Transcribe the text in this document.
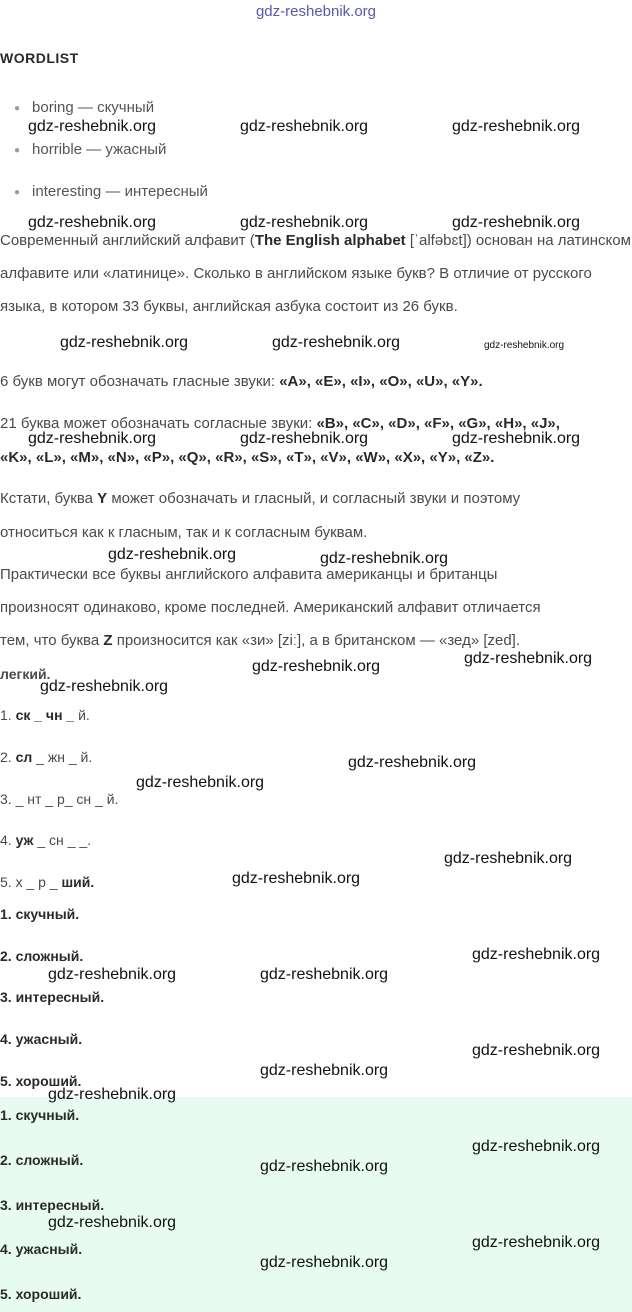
gdz-reshebnik.org
WORDLIST
● boring — скучный
● horrible — ужасный
● interesting — интересный
Современный английский алфавит (The English alphabet [ˈalfəbɛt]) основан на латинском алфавите или «латинице». Сколько в английском языке букв? В отличие от русского языка, в котором 33 буквы, английская азбука состоит из 26 букв.
6 букв могут обозначать гласные звуки: «A», «E», «I», «O», «U», «Y».
21 буква может обозначать согласные звуки: «B», «C», «D», «F», «G», «H», «J»,
«K», «L», «M», «N», «P», «Q», «R», «S», «T», «V», «W», «X», «Y», «Z».
Кстати, буква Y может обозначать и гласный, и согласный звуки и поэтому
относиться как к гласным, так и к согласным буквам.
Практически все буквы английского алфавита американцы и британцы
произносят одинаково, кроме последней. Американский алфавит отличается
тем, что буква Z произносится как «зи» [ziː], а в британском — «зед» [zed].
легкий.
1. ск _ чн _ й.
2. сл _ жн _ й.
3. _ нт _ р_ сн _ й.
4. уж _ сн _ _.
5. х _ р _ ший.
1. скучный.
2. сложный.
3. интересный.
4. ужасный.
5. хороший.
1. скучный.
2. сложный.
3. интересный.
4. ужасный.
5. хороший.
gdz-reshebnik.org	gdz-reshebnik.org	gdz-reshebnik.org
gdz-reshebnik.org	gdz-reshebnik.org	gdz-reshebnik.org
gdz-reshebnik.org	gdz-reshebnik.org	gdz-reshebnik.org
gdz-reshebnik.org	gdz-reshebnik.org	gdz-reshebnik.org
gdz-reshebnik.org	gdz-reshebnik.org
gdz-reshebnik.org
gdz-reshebnik.org
gdz-reshebnik.org
gdz-reshebnik.org
gdz-reshebnik.org
gdz-reshebnik.org
gdz-reshebnik.org
gdz-reshebnik.org
gdz-reshebnik.org	gdz-reshebnik.org
gdz-reshebnik.org
gdz-reshebnik.org
gdz-reshebnik.org
gdz-reshebnik.org
gdz-reshebnik.org
gdz-reshebnik.org
gdz-reshebnik.org
gdz-reshebnik.org
